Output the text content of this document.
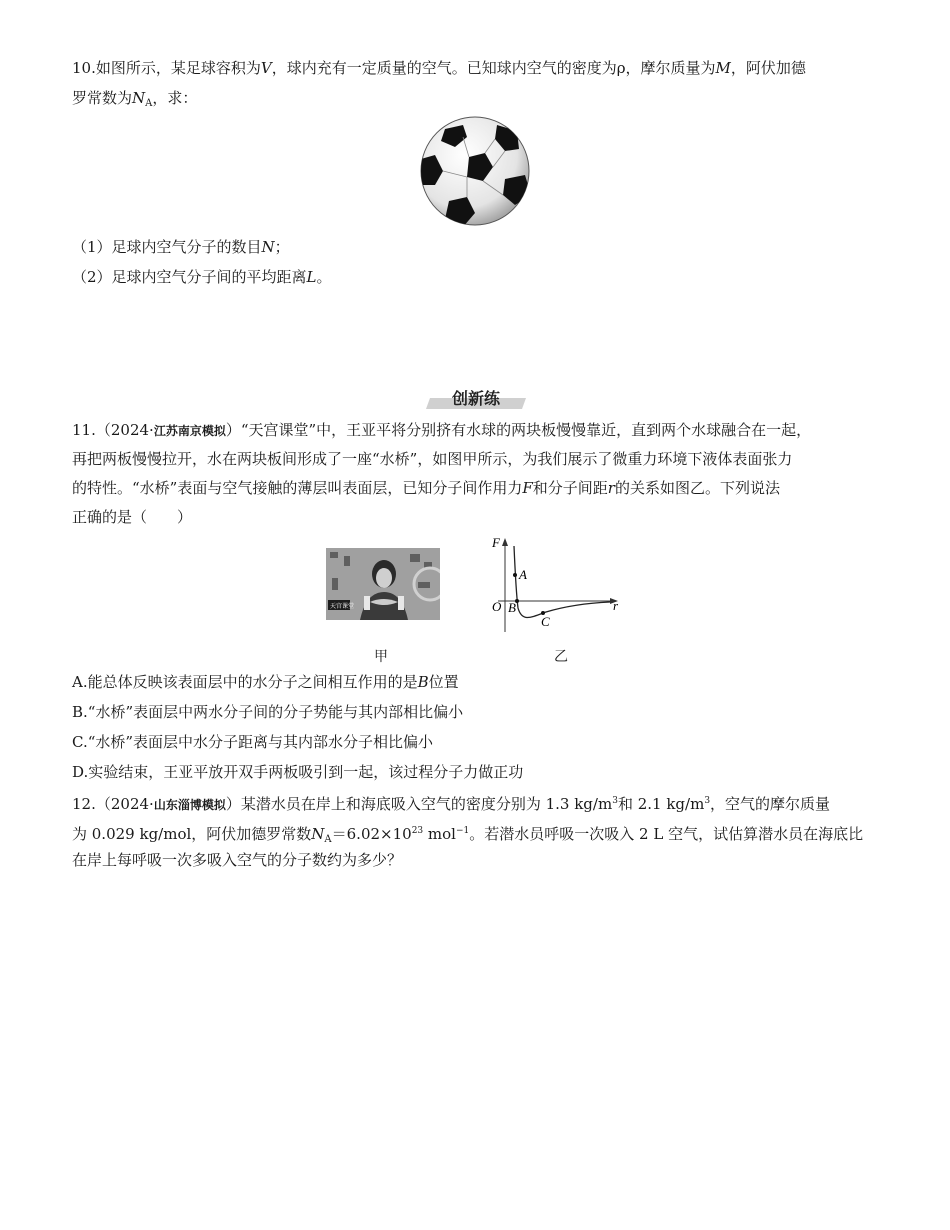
10.如图所示，某足球容积为V，球内充有一定质量的空气。已知球内空气的密度为ρ，摩尔质量为M，阿伏加德
罗常数为$N_A$，求：
（1）足球内空气分子的数目N；
（2）足球内空气分子间的平均距离L。
创新练
11.（2024·江苏南京模拟）“天宫课堂”中，王亚平将分别挤有水球的两块板慢慢靠近，直到两个水球融合在一起，
再把两板慢慢拉开，水在两块板间形成了一座“水桥”，如图甲所示，为我们展示了微重力环境下液体表面张力
的特性。“水桥”表面与空气接触的薄层叫表面层，已知分子间作用力F和分子间距r的关系如图乙。下列说法
正确的是（　　）
天宫课堂
甲
F
r
O
A
B
C
乙
A.能总体反映该表面层中的水分子之间相互作用的是B位置
B.“水桥”表面层中两水分子间的分子势能与其内部相比偏小
C.“水桥”表面层中水分子距离与其内部水分子相比偏小
D.实验结束，王亚平放开双手两板吸引到一起，该过程分子力做正功
12.（2024·山东淄博模拟）某潜水员在岸上和海底吸入空气的密度分别为 1.3 $kg/m^3$和 2.1 $kg/m^3$，空气的摩尔质量
为 0.029 kg/mol，阿伏加德罗常数$N_A=6.02\times 10^{23}$ mol$^{-1}$。若潜水员呼吸一次吸入 2 L 空气，试估算潜水员在海底比
在岸上每呼吸一次多吸入空气的分子数约为多少？
